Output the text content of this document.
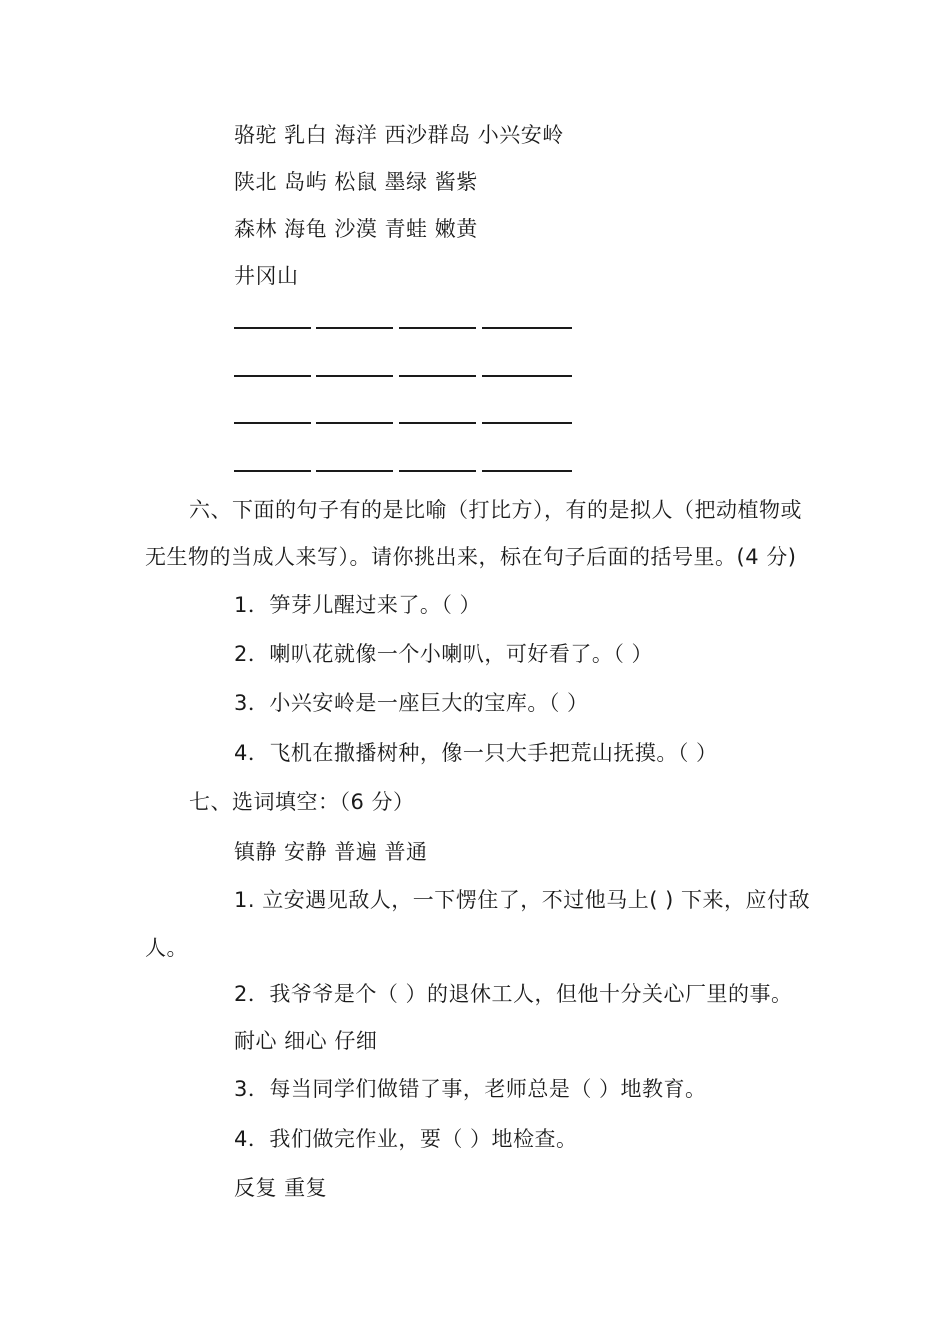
骆驼 乳白 海洋 西沙群岛 小兴安岭
陕北 岛屿 松鼠 墨绿 酱紫
森林 海龟 沙漠 青蛙 嫩黄
井冈山
六、下面的句子有的是比喻（打比方），有的是拟人（把动植物或
无生物的当成人来写）。请你挑出来，标在句子后面的括号里。(4 分)
1．笋芽儿醒过来了。（ ）
2．喇叭花就像一个小喇叭，可好看了。（ ）
3．小兴安岭是一座巨大的宝库。（ ）
4．飞机在撒播树种，像一只大手把荒山抚摸。（ ）
七、选词填空：（6 分）
镇静 安静 普遍 普通
1. 立安遇见敌人，一下愣住了，不过他马上( ) 下来，应付敌
人。
2．我爷爷是个（ ）的退休工人，但他十分关心厂里的事。
耐心 细心 仔细
3．每当同学们做错了事，老师总是（ ）地教育。
4．我们做完作业，要（ ）地检查。
反复 重复
